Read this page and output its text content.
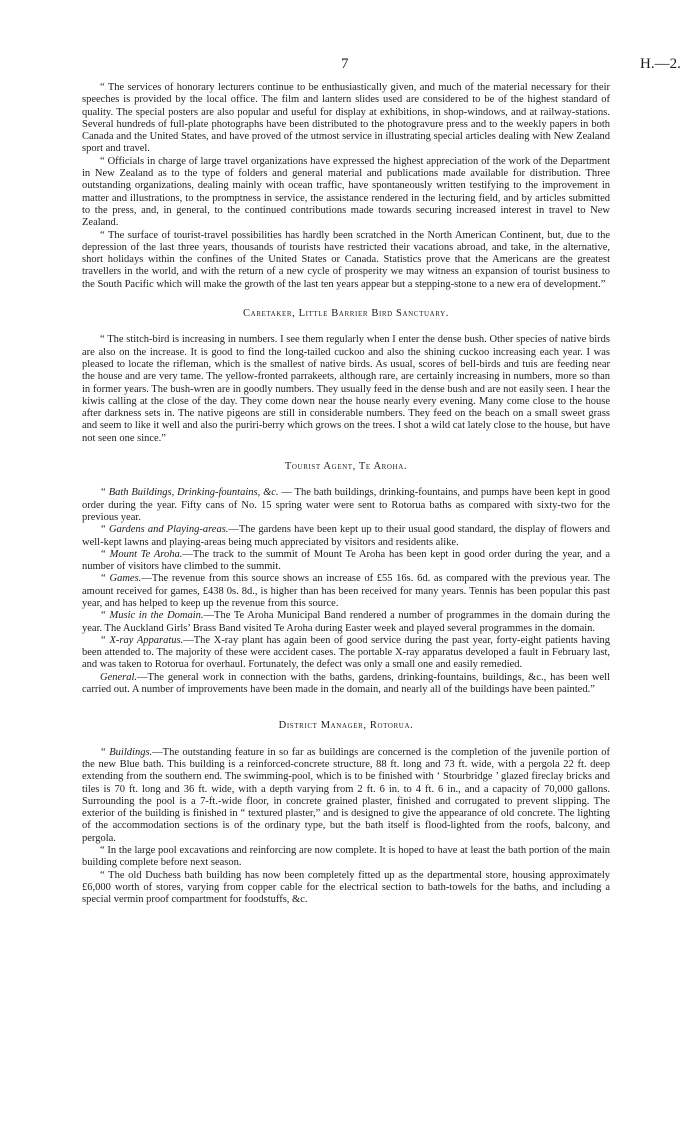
7	H.—2.

“ The services of honorary lecturers continue to be enthusiastically given, and much of the material necessary for their speeches is provided by the local office. The film and lantern slides used are considered to be of the highest standard of quality. The special posters are also popular and useful for display at exhibitions, in shop-windows, and at railway-stations. Several hundreds of full-plate photographs have been distributed to the photogravure press and to the weekly papers in both Canada and the United States, and have proved of the utmost service in illustrating special articles dealing with New Zealand sport and travel.

“ Officials in charge of large travel organizations have expressed the highest appreciation of the work of the Department in New Zealand as to the type of folders and general material and publications made available for distribution. Three outstanding organizations, dealing mainly with ocean traffic, have spontaneously written testifying to the improvement in matter and illustrations, to the promptness in service, the assistance rendered in the lecturing field, and by articles submitted to the press, and, in general, to the continued contributions made towards securing increased interest in travel to New Zealand.

“ The surface of tourist-travel possibilities has hardly been scratched in the North American Continent, but, due to the depression of the last three years, thousands of tourists have restricted their vacations abroad, and take, in the alternative, short holidays within the confines of the United States or Canada. Statistics prove that the Americans are the greatest travellers in the world, and with the return of a new cycle of prosperity we may witness an expansion of tourist business to the South Pacific which will make the growth of the last ten years appear but a stepping-stone to a new era of development.”

Caretaker, Little Barrier Bird Sanctuary.

“ The stitch-bird is increasing in numbers. I see them regularly when I enter the dense bush. Other species of native birds are also on the increase. It is good to find the long-tailed cuckoo and also the shining cuckoo increasing each year. I was pleased to locate the rifleman, which is the smallest of native birds. As usual, scores of bell-birds and tuis are feeding near the house and are very tame. The yellow-fronted parrakeets, although rare, are certainly increasing in numbers, more so than in former years. The bush-wren are in goodly numbers. They usually feed in the dense bush and are not easily seen. I hear the kiwis calling at the close of the day. They come down near the house nearly every evening. Many come close to the house after darkness sets in. The native pigeons are still in considerable numbers. They feed on the beach on a small sweet grass and seem to like it well and also the puriri-berry which grows on the trees. I shot a wild cat lately close to the house, but have not seen one since.”

Tourist Agent, Te Aroha.

“ Bath Buildings, Drinking-fountains, &c. — The bath buildings, drinking-fountains, and pumps have been kept in good order during the year. Fifty cans of No. 15 spring water were sent to Rotorua baths as compared with sixty-two for the previous year.

“ Gardens and Playing-areas.—The gardens have been kept up to their usual good standard, the display of flowers and well-kept lawns and playing-areas being much appreciated by visitors and residents alike.

“ Mount Te Aroha.—The track to the summit of Mount Te Aroha has been kept in good order during the year, and a number of visitors have climbed to the summit.

“ Games.—The revenue from this source shows an increase of £55 16s. 6d. as compared with the previous year. The amount received for games, £438 0s. 8d., is higher than has been received for many years. Tennis has been popular this past year, and has helped to keep up the revenue from this source.

“ Music in the Domain.—The Te Aroha Municipal Band rendered a number of programmes in the domain during the year. The Auckland Girls’ Brass Band visited Te Aroha during Easter week and played several programmes in the domain.

“ X-ray Apparatus.—The X-ray plant has again been of good service during the past year, forty-eight patients having been attended to. The majority of these were accident cases. The portable X-ray apparatus developed a fault in February last, and was taken to Rotorua for overhaul. Fortunately, the defect was only a small one and easily remedied.

General.—The general work in connection with the baths, gardens, drinking-fountains, buildings, &c., has been well carried out. A number of improvements have been made in the domain, and nearly all of the buildings have been painted.”

District Manager, Rotorua.

“ Buildings.—The outstanding feature in so far as buildings are concerned is the completion of the juvenile portion of the new Blue bath. This building is a reinforced-concrete structure, 88 ft. long and 73 ft. wide, with a pergola 22 ft. deep extending from the southern end. The swimming-pool, which is to be finished with ‘ Stourbridge ’ glazed fireclay bricks and tiles is 70 ft. long and 36 ft. wide, with a depth varying from 2 ft. 6 in. to 4 ft. 6 in., and a capacity of 70,000 gallons. Surrounding the pool is a 7-ft.-wide floor, in concrete grained plaster, finished and corrugated to prevent slipping. The exterior of the building is finished in “ textured plaster,” and is designed to give the appearance of old concrete. The lighting of the accommodation sections is of the ordinary type, but the bath itself is flood-lighted from the roofs, balcony, and pergola.

“ In the large pool excavations and reinforcing are now complete. It is hoped to have at least the bath portion of the main building complete before next season.

“ The old Duchess bath building has now been completely fitted up as the departmental store, housing approximately £6,000 worth of stores, varying from copper cable for the electrical section to bath-towels for the baths, and including a special vermin proof compartment for foodstuffs, &c.
